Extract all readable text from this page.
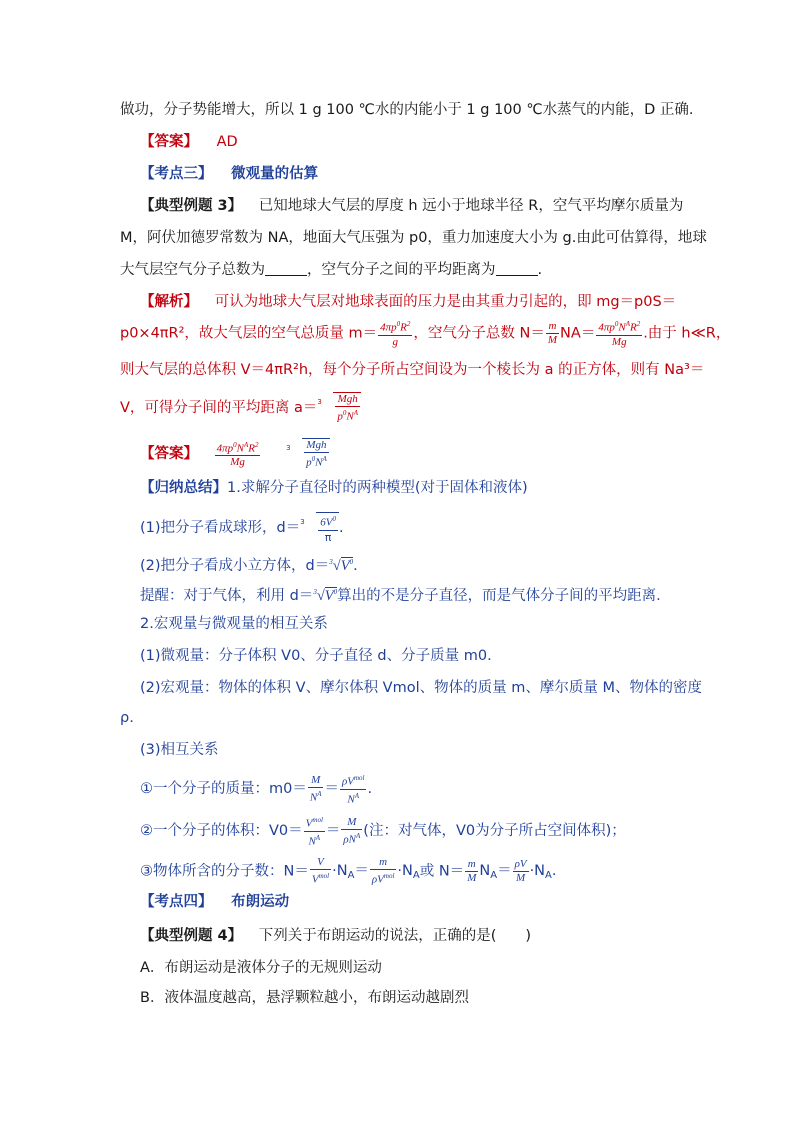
做功，分子势能增大，所以 1 g 100 ℃水的内能小于 1 g 100 ℃水蒸气的内能，D 正确.
【答案】 AD
【考点三】 微观量的估算
【典型例题 3】 已知地球大气层的厚度 h 远小于地球半径 R，空气平均摩尔质量为
M，阿伏加德罗常数为 NA，地面大气压强为 p0，重力加速度大小为 g.由此可估算得，地球
大气层空气分子总数为	，空气分子之间的平均距离为	.
【解析】 可认为地球大气层对地球表面的压力是由其重力引起的，即 mg＝p0S＝
p0×4πR²，故大气层的空气总质量 $m= \frac{4\pi p^0R^2}{g}$ ，空气分子总数 $N= \frac{m}{M} NA= \frac{4\pi p^0N^AR^2}{Mg}$ .由于 h≪R，
则大气层的总体积 V＝4πR²h，每个分子所占空间设为一个棱长为 a 的正方体，则有 Na³＝
V，可得分子间的平均距离 $a= 3 \frac{\text{Mgh}}{p^0N^A}$
【答案】 $\frac{4\pi p^0N^AR^2}{Mg}$
	$3 \frac{\text{Mgh}}{p^0N^A}$
【归纳总结】1.求解分子直径时的两种模型(对于固体和液体)
(1)把分子看成球形，$d= 3 \frac{6V^0}{\pi}$ .
(2)把分子看成小立方体，$d=^3√V^0$.
提醒：对于气体，利用 $d=^3√V^0$算出的不是分子直径，而是气体分子间的平均距离.
2.宏观量与微观量的相互关系
(1)微观量：分子体积 V0、分子直径 d、分子质量 m0.
(2)宏观量：物体的体积 V、摩尔体积 Vmol、物体的质量 m、摩尔质量 M、物体的密度
ρ.
(3)相互关系
①一个分子的质量：$m0= \frac{M}{N^A} = \frac{\rho V^{mol}}{N^A}$ .
②一个分子的体积：$V0= \frac{V^{mol}}{N^A} = \frac{M}{\rho N^A}$ (注：对气体，V0为分子所占空间体积)；
③物体所含的分子数：$N= \frac{V}{V^{mol}} \cdot N_A= \frac{m}{\rho V^{mol}} \cdot N_A$或 $N= \frac{m}{M} N_A= \frac{\rho V}{M} \cdot N_A$.
【考点四】 布朗运动
【典型例题 4】 下列关于布朗运动的说法，正确的是(　　)
A．布朗运动是液体分子的无规则运动
B．液体温度越高，悬浮颗粒越小，布朗运动越剧烈
